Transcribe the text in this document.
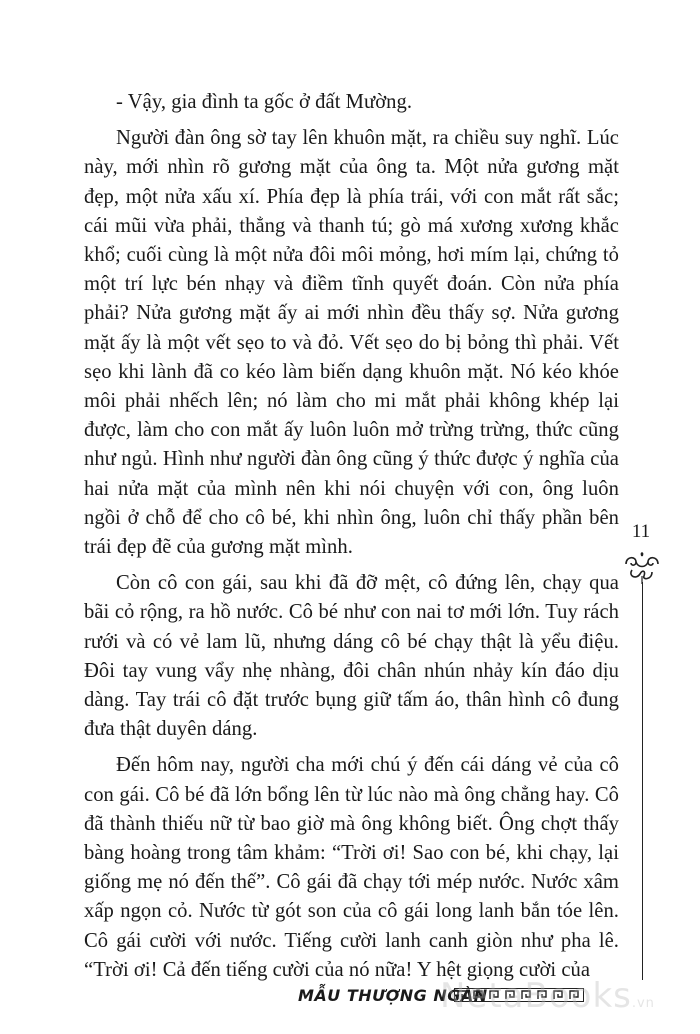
- Vậy, gia đình ta gốc ở đất Mường.

Người đàn ông sờ tay lên khuôn mặt, ra chiều suy nghĩ. Lúc này, mới nhìn rõ gương mặt của ông ta. Một nửa gương mặt đẹp, một nửa xấu xí. Phía đẹp là phía trái, với con mắt rất sắc; cái mũi vừa phải, thẳng và thanh tú; gò má xương xương khắc khổ; cuối cùng là một nửa đôi môi mỏng, hơi mím lại, chứng tỏ một trí lực bén nhạy và điềm tĩnh quyết đoán. Còn nửa phía phải? Nửa gương mặt ấy ai mới nhìn đều thấy sợ. Nửa gương mặt ấy là một vết sẹo to và đỏ. Vết sẹo do bị bỏng thì phải. Vết sẹo khi lành đã co kéo làm biến dạng khuôn mặt. Nó kéo khóe môi phải nhếch lên; nó làm cho mi mắt phải không khép lại được, làm cho con mắt ấy luôn luôn mở trừng trừng, thức cũng như ngủ. Hình như người đàn ông cũng ý thức được ý nghĩa của hai nửa mặt của mình nên khi nói chuyện với con, ông luôn ngồi ở chỗ để cho cô bé, khi nhìn ông, luôn chỉ thấy phần bên trái đẹp đẽ của gương mặt mình.

Còn cô con gái, sau khi đã đỡ mệt, cô đứng lên, chạy qua bãi cỏ rộng, ra hồ nước. Cô bé như con nai tơ mới lớn. Tuy rách rưới và có vẻ lam lũ, nhưng dáng cô bé chạy thật là yểu điệu. Đôi tay vung vẩy nhẹ nhàng, đôi chân nhún nhảy kín đáo dịu dàng. Tay trái cô đặt trước bụng giữ tấm áo, thân hình cô đung đưa thật duyên dáng.

Đến hôm nay, người cha mới chú ý đến cái dáng vẻ của cô con gái. Cô bé đã lớn bổng lên từ lúc nào mà ông chẳng hay. Cô đã thành thiếu nữ từ bao giờ mà ông không biết. Ông chợt thấy bàng hoàng trong tâm khảm: “Trời ơi! Sao con bé, khi chạy, lại giống mẹ nó đến thế”. Cô gái đã chạy tới mép nước. Nước xâm xấp ngọn cỏ. Nước từ gót son của cô gái long lanh bắn tóe lên. Cô gái cười với nước. Tiếng cười lanh canh giòn như pha lê. “Trời ơi! Cả đến tiếng cười của nó nữa! Y hệt giọng cười của

11
MẪU THƯỢNG NGÀN
NetaBooks.vn
